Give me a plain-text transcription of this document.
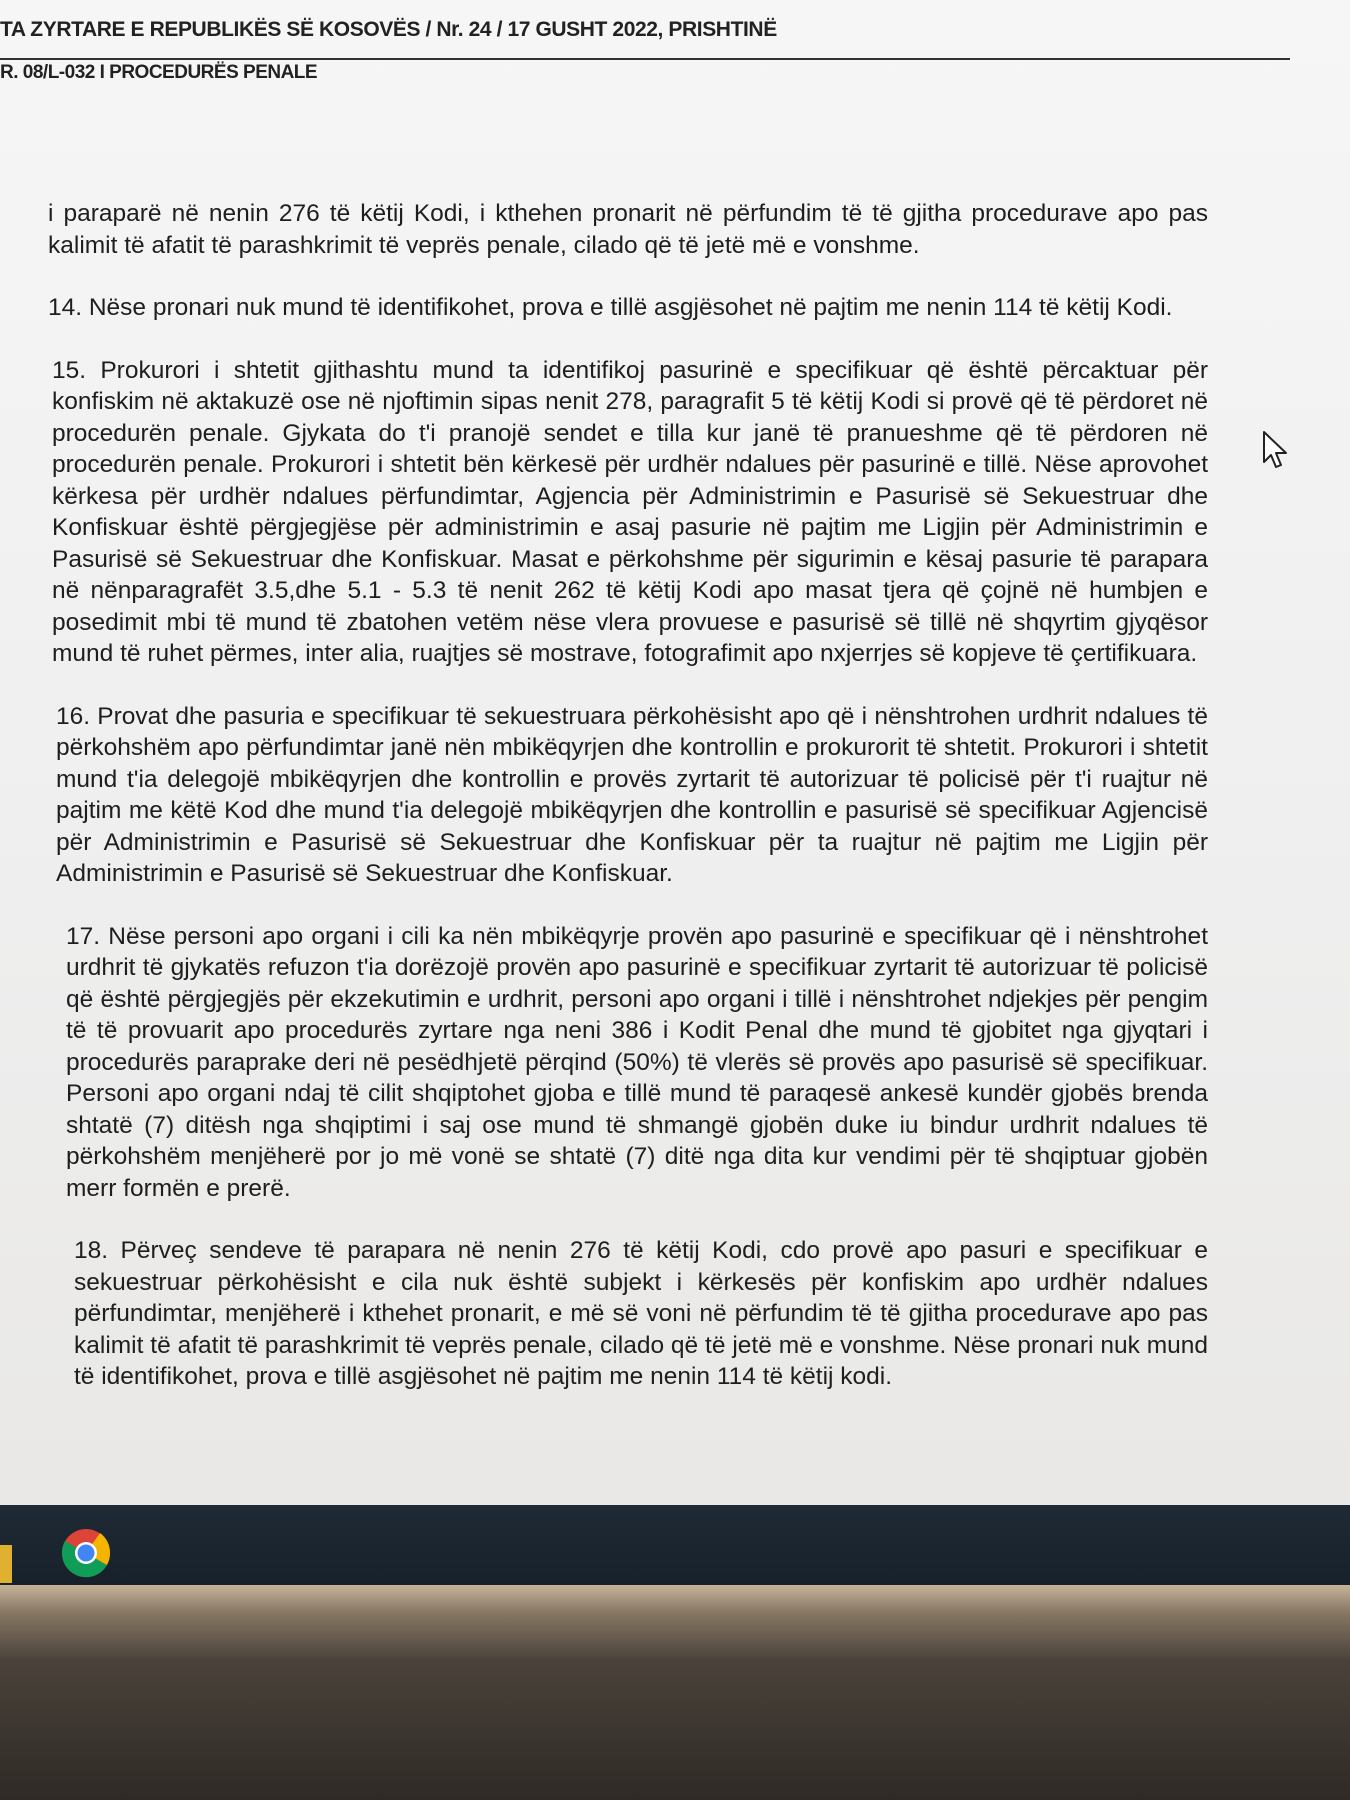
TA ZYRTARE E REPUBLIKËS SË KOSOVËS / Nr. 24 / 17 GUSHT 2022, PRISHTINË
R. 08/L-032 I PROCEDURËS PENALE

i paraparë në nenin 276 të këtij Kodi, i kthehen pronarit në përfundim të të gjitha procedurave apo pas kalimit të afatit të parashkrimit të veprës penale, cilado që të jetë më e vonshme.

14. Nëse pronari nuk mund të identifikohet, prova e tillë asgjësohet në pajtim me nenin 114 të këtij Kodi.

15. Prokurori i shtetit gjithashtu mund ta identifikoj pasurinë e specifikuar që është përcaktuar për konfiskim në aktakuzë ose në njoftimin sipas nenit 278, paragrafit 5 të këtij Kodi si provë që të përdoret në procedurën penale. Gjykata do t'i pranojë sendet e tilla kur janë të pranueshme që të përdoren në procedurën penale. Prokurori i shtetit bën kërkesë për urdhër ndalues për pasurinë e tillë. Nëse aprovohet kërkesa për urdhër ndalues përfundimtar, Agjencia për Administrimin e Pasurisë së Sekuestruar dhe Konfiskuar është përgjegjëse për administrimin e asaj pasurie në pajtim me Ligjin për Administrimin e Pasurisë së Sekuestruar dhe Konfiskuar. Masat e përkohshme për sigurimin e kësaj pasurie të parapara në nënparagrafët 3.5,dhe 5.1 - 5.3 të nenit 262 të këtij Kodi apo masat tjera që çojnë në humbjen e posedimit mbi të mund të zbatohen vetëm nëse vlera provuese e pasurisë së tillë në shqyrtim gjyqësor mund të ruhet përmes, inter alia, ruajtjes së mostrave, fotografimit apo nxjerrjes së kopjeve të çertifikuara.

16. Provat dhe pasuria e specifikuar të sekuestruara përkohësisht apo që i nënshtrohen urdhrit ndalues të përkohshëm apo përfundimtar janë nën mbikëqyrjen dhe kontrollin e prokurorit të shtetit. Prokurori i shtetit mund t'ia delegojë mbikëqyrjen dhe kontrollin e provës zyrtarit të autorizuar të policisë për t'i ruajtur në pajtim me këtë Kod dhe mund t'ia delegojë mbikëqyrjen dhe kontrollin e pasurisë së specifikuar Agjencisë për Administrimin e Pasurisë së Sekuestruar dhe Konfiskuar për ta ruajtur në pajtim me Ligjin për Administrimin e Pasurisë së Sekuestruar dhe Konfiskuar.

17. Nëse personi apo organi i cili ka nën mbikëqyrje provën apo pasurinë e specifikuar që i nënshtrohet urdhrit të gjykatës refuzon t'ia dorëzojë provën apo pasurinë e specifikuar zyrtarit të autorizuar të policisë që është përgjegjës për ekzekutimin e urdhrit, personi apo organi i tillë i nënshtrohet ndjekjes për pengim të të provuarit apo procedurës zyrtare nga neni 386 i Kodit Penal dhe mund të gjobitet nga gjyqtari i procedurës paraprake deri në pesëdhjetë përqind (50%) të vlerës së provës apo pasurisë së specifikuar. Personi apo organi ndaj të cilit shqiptohet gjoba e tillë mund të paraqesë ankesë kundër gjobës brenda shtatë (7) ditësh nga shqiptimi i saj ose mund të shmangë gjobën duke iu bindur urdhrit ndalues të përkohshëm menjëherë por jo më vonë se shtatë (7) ditë nga dita kur vendimi për të shqiptuar gjobën merr formën e prerë.

18. Përveç sendeve të parapara në nenin 276 të këtij Kodi, cdo provë apo pasuri e specifikuar e sekuestruar përkohësisht e cila nuk është subjekt i kërkesës për konfiskim apo urdhër ndalues përfundimtar, menjëherë i kthehet pronarit, e më së voni në përfundim të të gjitha procedurave apo pas kalimit të afatit të parashkrimit të veprës penale, cilado që të jetë më e vonshme. Nëse pronari nuk mund të identifikohet, prova e tillë asgjësohet në pajtim me nenin 114 të këtij kodi.
